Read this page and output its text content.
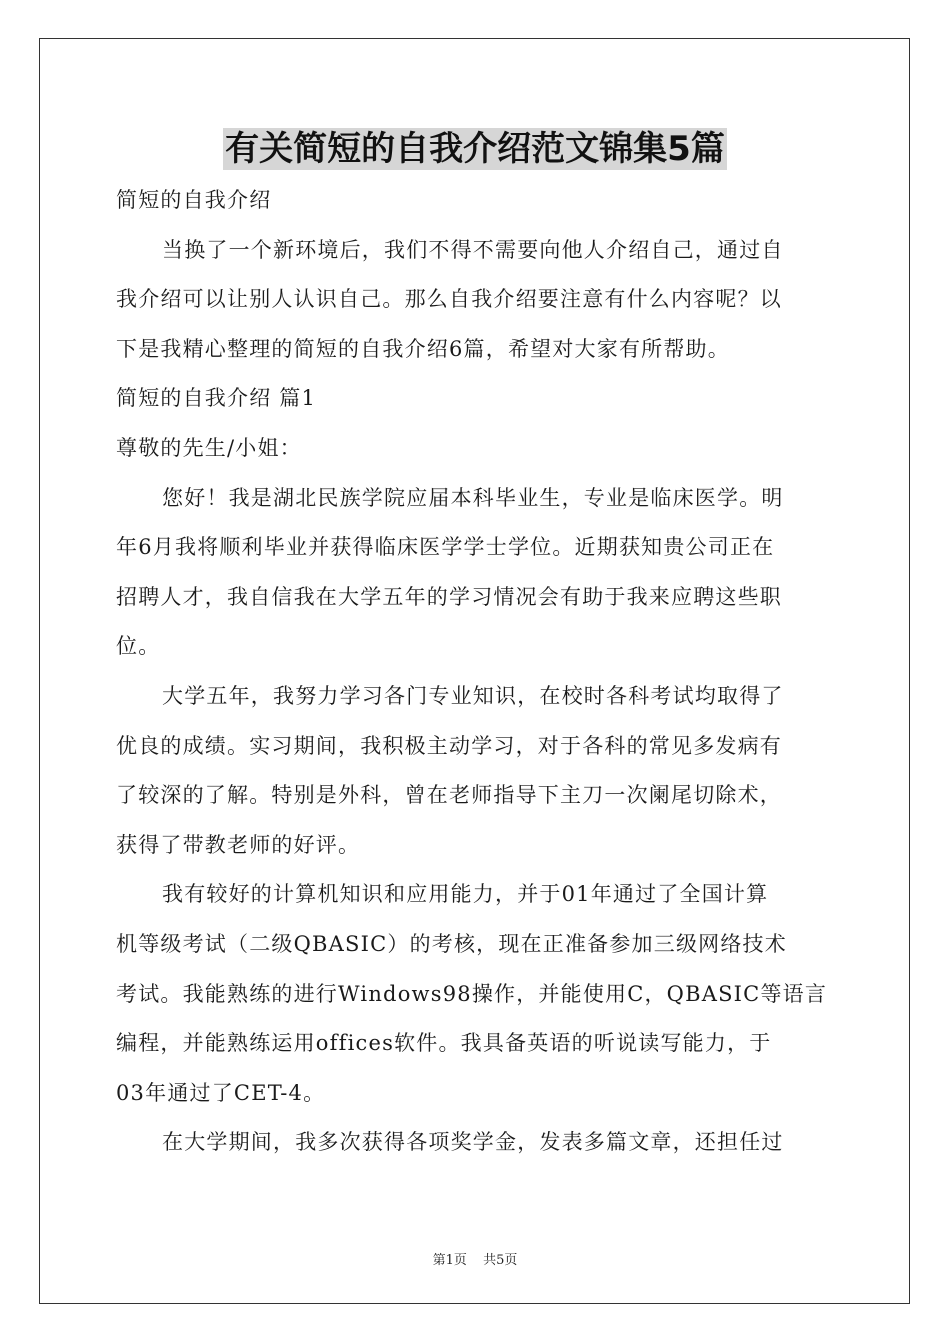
有关简短的自我介绍范文锦集5篇
简短的自我介绍
当换了一个新环境后，我们不得不需要向他人介绍自己，通过自
我介绍可以让别人认识自己。那么自我介绍要注意有什么内容呢？以
下是我精心整理的简短的自我介绍6篇，希望对大家有所帮助。
简短的自我介绍 篇1
尊敬的先生/小姐：
您好！我是湖北民族学院应届本科毕业生，专业是临床医学。明
年6月我将顺利毕业并获得临床医学学士学位。近期获知贵公司正在
招聘人才，我自信我在大学五年的学习情况会有助于我来应聘这些职
位。
大学五年，我努力学习各门专业知识，在校时各科考试均取得了
优良的成绩。实习期间，我积极主动学习，对于各科的常见多发病有
了较深的了解。特别是外科，曾在老师指导下主刀一次阑尾切除术，
获得了带教老师的好评。
我有较好的计算机知识和应用能力，并于01年通过了全国计算
机等级考试（二级QBASIC）的考核，现在正准备参加三级网络技术
考试。我能熟练的进行Windows98操作，并能使用C，QBASIC等语言
编程，并能熟练运用offices软件。我具备英语的听说读写能力，于
03年通过了CET-4。
在大学期间，我多次获得各项奖学金，发表多篇文章，还担任过
第1页 共5页
